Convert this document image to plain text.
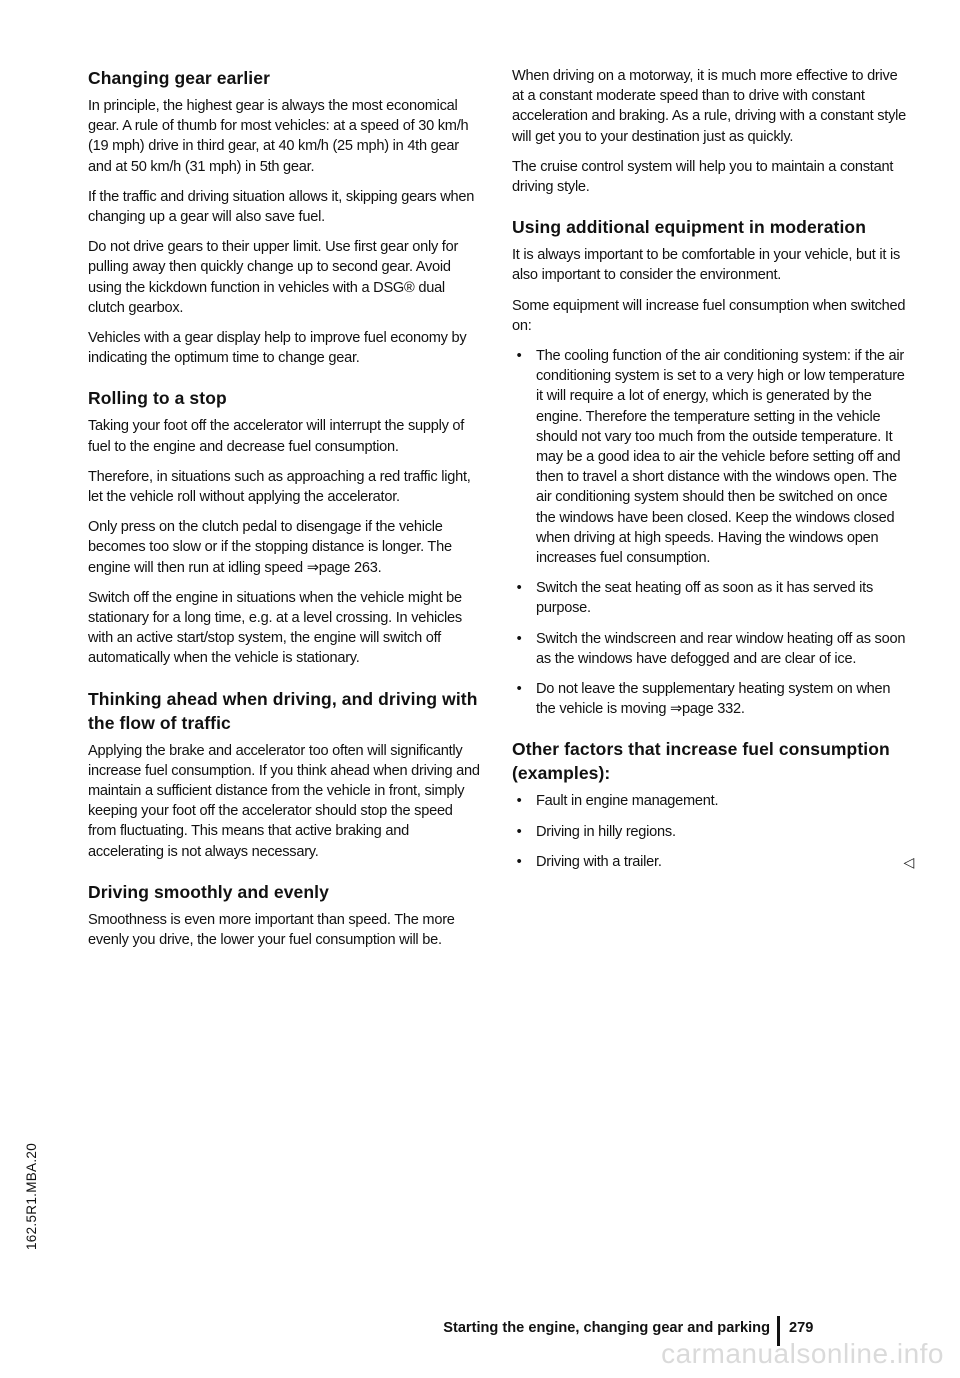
Changing gear earlier

In principle, the highest gear is always the most economical gear. A rule of thumb for most vehicles: at a speed of 30 km/h (19 mph) drive in third gear, at 40 km/h (25 mph) in 4th gear and at 50 km/h (31 mph) in 5th gear.

If the traffic and driving situation allows it, skipping gears when changing up a gear will also save fuel.

Do not drive gears to their upper limit. Use first gear only for pulling away then quickly change up to second gear. Avoid using the kickdown function in vehicles with a DSG® dual clutch gearbox.

Vehicles with a gear display help to improve fuel economy by indicating the optimum time to change gear.

Rolling to a stop

Taking your foot off the accelerator will interrupt the supply of fuel to the engine and decrease fuel consumption.

Therefore, in situations such as approaching a red traffic light, let the vehicle roll without applying the accelerator.

Only press on the clutch pedal to disengage if the vehicle becomes too slow or if the stopping distance is longer. The engine will then run at idling speed ⇒page 263.

Switch off the engine in situations when the vehicle might be stationary for a long time, e.g. at a level crossing. In vehicles with an active start/stop system, the engine will switch off automatically when the vehicle is stationary.

Thinking ahead when driving, and driving with the flow of traffic

Applying the brake and accelerator too often will significantly increase fuel consumption. If you think ahead when driving and maintain a sufficient distance from the vehicle in front, simply keeping your foot off the accelerator should stop the speed from fluctuating. This means that active braking and accelerating is not always necessary.

Driving smoothly and evenly

Smoothness is even more important than speed. The more evenly you drive, the lower your fuel consumption will be.

When driving on a motorway, it is much more effective to drive at a constant moderate speed than to drive with constant acceleration and braking. As a rule, driving with a constant style will get you to your destination just as quickly.

The cruise control system will help you to maintain a constant driving style.

Using additional equipment in moderation

It is always important to be comfortable in your vehicle, but it is also important to consider the environment.

Some equipment will increase fuel consumption when switched on:

• The cooling function of the air conditioning system: if the air conditioning system is set to a very high or low temperature it will require a lot of energy, which is generated by the engine. Therefore the temperature setting in the vehicle should not vary too much from the outside temperature. It may be a good idea to air the vehicle before setting off and then to travel a short distance with the windows open. The air conditioning system should then be switched on once the windows have been closed. Keep the windows closed when driving at high speeds. Having the windows open increases fuel consumption.
• Switch the seat heating off as soon as it has served its purpose.
• Switch the windscreen and rear window heating off as soon as the windows have defogged and are clear of ice.
• Do not leave the supplementary heating system on when the vehicle is moving ⇒page 332.
Other factors that increase fuel consumption (examples):
• Fault in engine management.
• Driving in hilly regions.
• Driving with a trailer.	◁
162.5R1.MBA.20
Starting the engine, changing gear and parking 279
carmanualsonline.info
